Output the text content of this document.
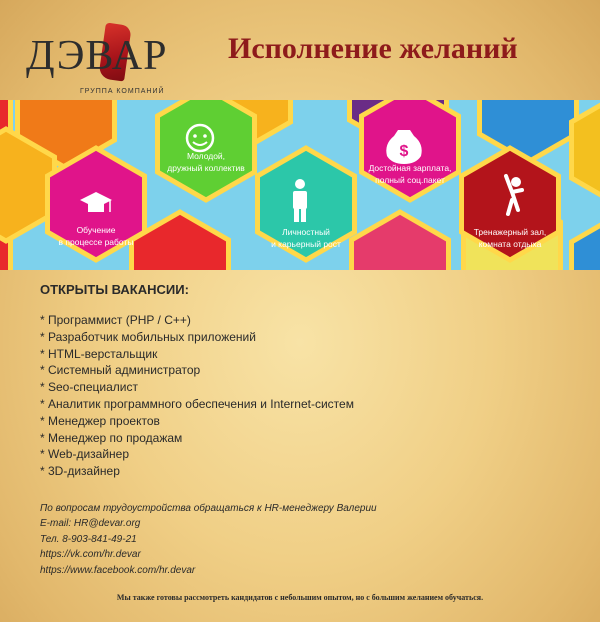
ДЭВАР
ГРУППА КОМПАНИЙ
Исполнение желаний
$
Обучение
в процессе работы
Молодой,
дружный коллектив
Личностный
и карьерный рост
Достойная зарплата,
полный соц.пакет
Тренажерный зал,
комната отдыха
ОТКРЫТЫ ВАКАНСИИ:
* Программист (PHP / C++)
* Разработчик мобильных приложений
* HTML-верстальщик
* Системный администратор
* Seo-специалист
* Аналитик программного обеспечения и Internet-систем
* Менеджер проектов
* Менеджер по продажам
* Web-дизайнер
* 3D-дизайнер
По вопросам трудоустройства обращаться к HR-менеджеру Валерии
E-mail: HR@devar.org
Тел. 8-903-841-49-21
https://vk.com/hr.devar
https://www.facebook.com/hr.devar
Мы также готовы рассмотреть кандидатов с небольшим опытом, но с большим желанием обучаться.
